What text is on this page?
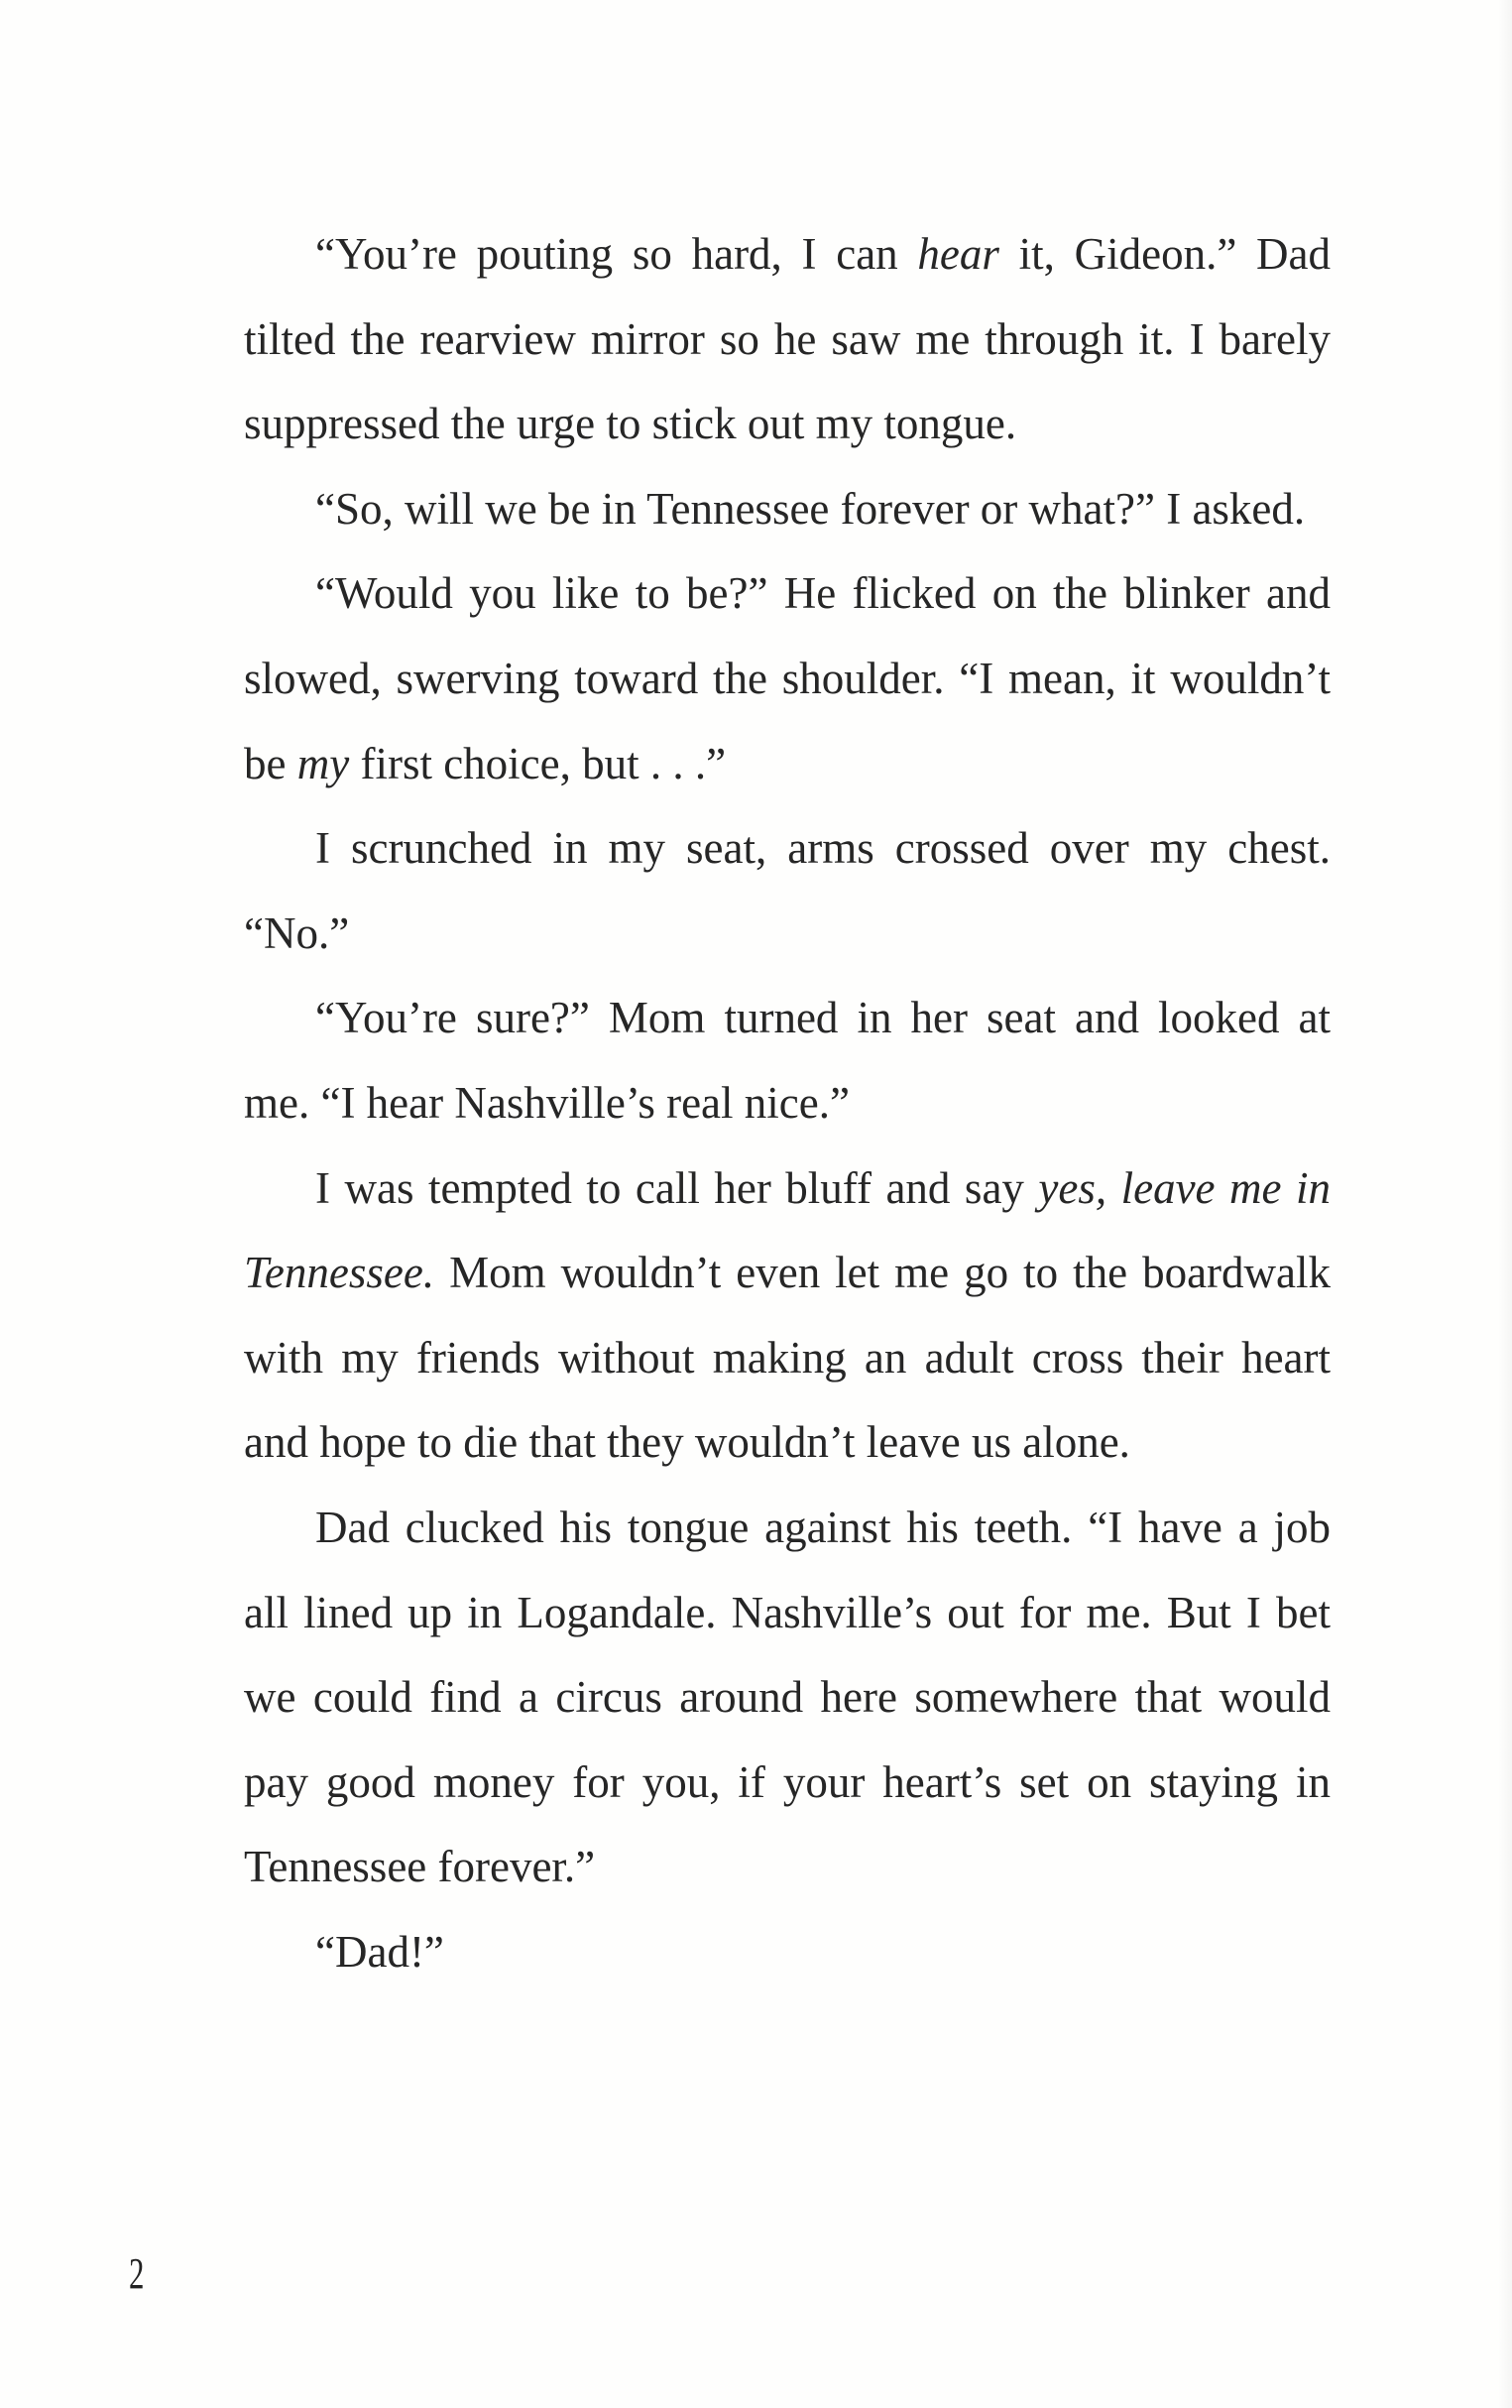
“You’re pouting so hard, I can hear it, Gideon.” Dad tilted the rearview mirror so he saw me through it. I barely suppressed the urge to stick out my tongue.

“So, will we be in Tennessee forever or what?” I asked.

“Would you like to be?” He flicked on the blinker and slowed, swerving toward the shoulder. “I mean, it wouldn’t be my first choice, but . . .”

I scrunched in my seat, arms crossed over my chest. “No.”

“You’re sure?” Mom turned in her seat and looked at me. “I hear Nashville’s real nice.”

I was tempted to call her bluff and say yes, leave me in Tennessee. Mom wouldn’t even let me go to the boardwalk with my friends without making an adult cross their heart and hope to die that they wouldn’t leave us alone.

Dad clucked his tongue against his teeth. “I have a job all lined up in Logandale. Nashville’s out for me. But I bet we could find a circus around here somewhere that would pay good money for you, if your heart’s set on staying in Tennessee forever.”

“Dad!”

2
